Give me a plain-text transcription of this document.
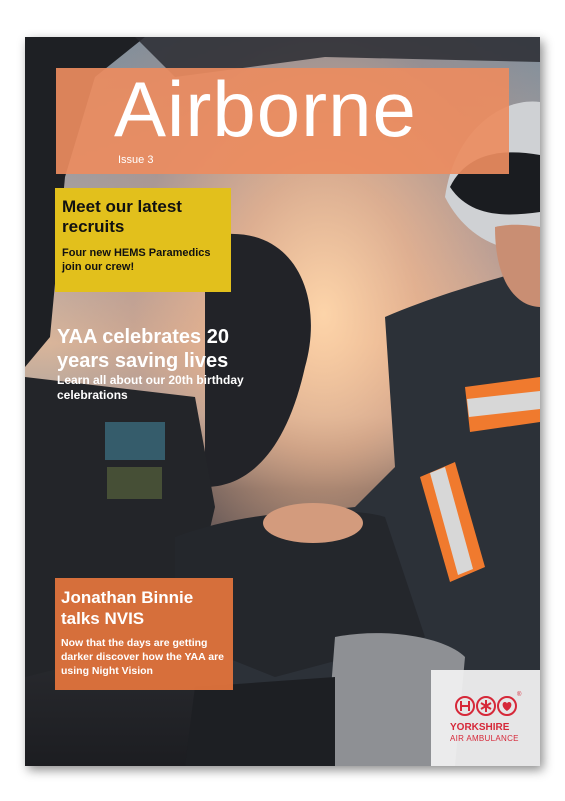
Airborne
Issue 3
Meet our latest recruits
Four new HEMS Paramedics join our crew!
YAA celebrates 20 years saving lives
Learn all about our 20th birthday celebrations
Jonathan Binnie talks NVIS
Now that the days are getting darker discover how the YAA are using Night Vision
®
YORKSHIRE
AIR AMBULANCE
